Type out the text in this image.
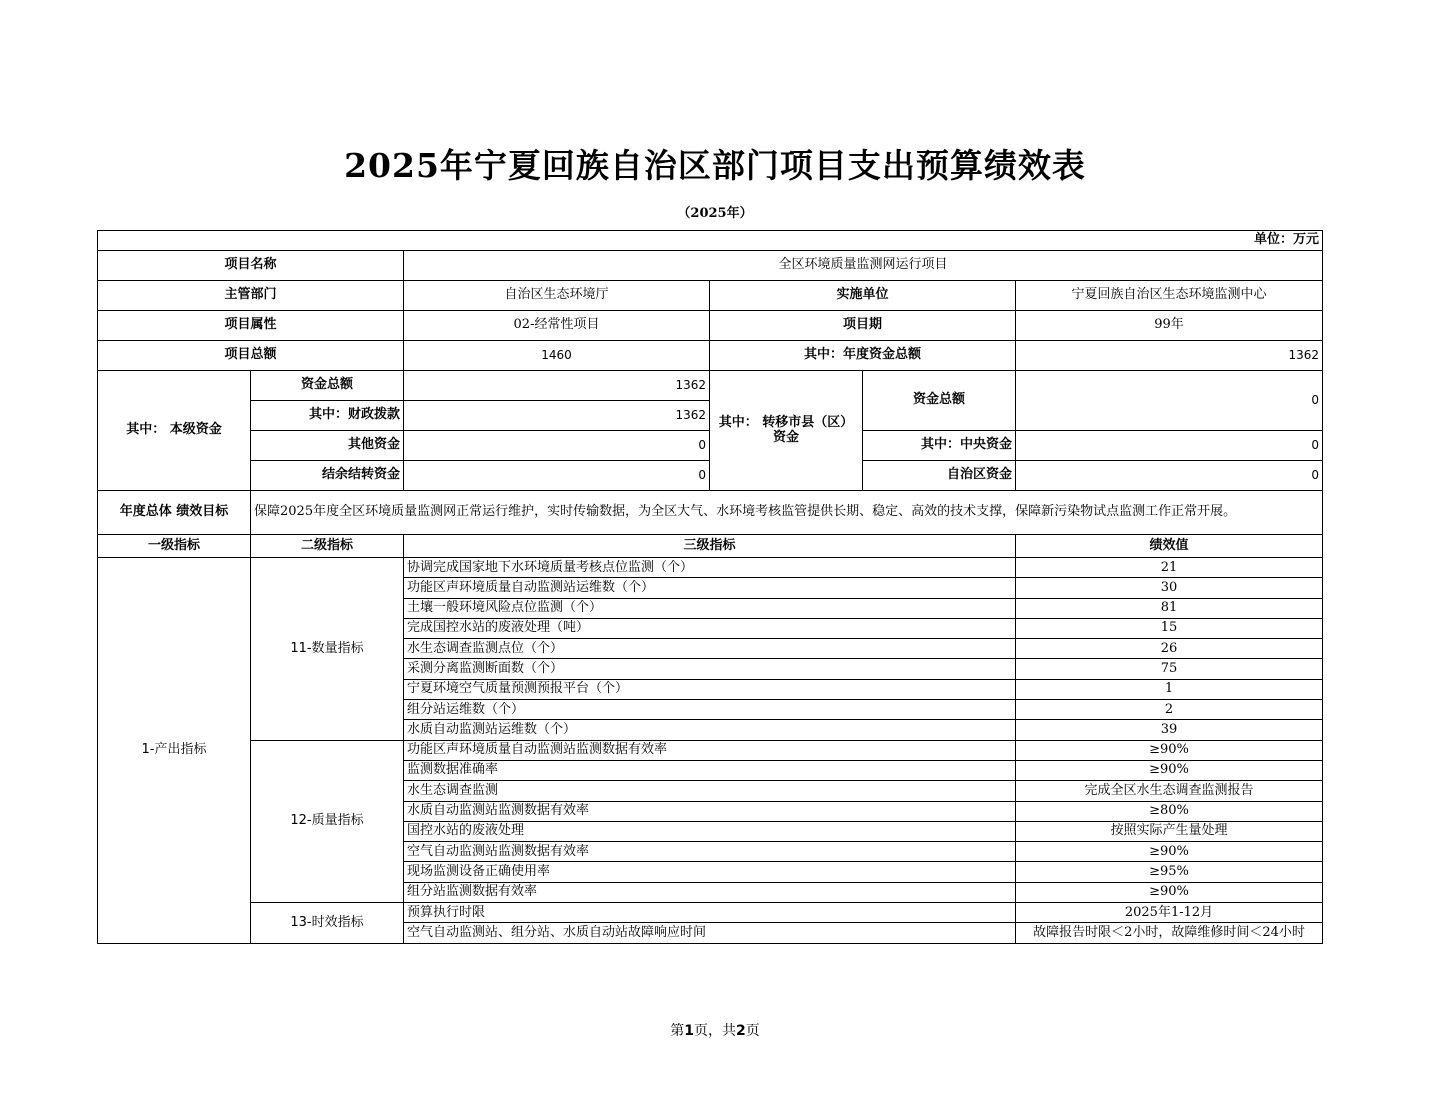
2025年宁夏回族自治区部门项目支出预算绩效表
（2025年）
单位：万元					
项目名称		全区环境质量监测网运行项目			
主管部门		自治区生态环境厅	实施单位		宁夏回族自治区生态环境监测中心
项目属性		02-经常性项目	项目期		99年
项目总额		1460	其中：年度资金总额		1362
其中： 本级资金	资金总额	1362	其中： 转移市县（区）资金	资金总额	0
	其中：财政拨款	1362			
	其他资金	0		其中：中央资金	0
	结余结转资金	0		自治区资金	0
年度总体 绩效目标	保障2025年度全区环境质量监测网正常运行维护，实时传输数据，为全区大气、水环境考核监管提供长期、稳定、高效的技术支撑，保障新污染物试点监测工作正常开展。				
一级指标	二级指标	三级指标			绩效值
1-产出指标	11-数量指标	协调完成国家地下水环境质量考核点位监测（个）			21
		功能区声环境质量自动监测站运维数（个）			30
		土壤一般环境风险点位监测（个）			81
		完成国控水站的废液处理（吨）			15
		水生态调查监测点位（个）			26
		采测分离监测断面数（个）			75
		宁夏环境空气质量预测预报平台（个）			1
		组分站运维数（个）			2
		水质自动监测站运维数（个）			39
	12-质量指标	功能区声环境质量自动监测站监测数据有效率			≥90%
		监测数据准确率			≥90%
		水生态调查监测			完成全区水生态调查监测报告
		水质自动监测站监测数据有效率			≥80%
		国控水站的废液处理			按照实际产生量处理
		空气自动监测站监测数据有效率			≥90%
		现场监测设备正确使用率			≥95%
		组分站监测数据有效率			≥90%
	13-时效指标	预算执行时限			2025年1-12月
		空气自动监测站、组分站、水质自动站故障响应时间			故障报告时限＜2小时，故障维修时间＜24小时
第1页，共2页
